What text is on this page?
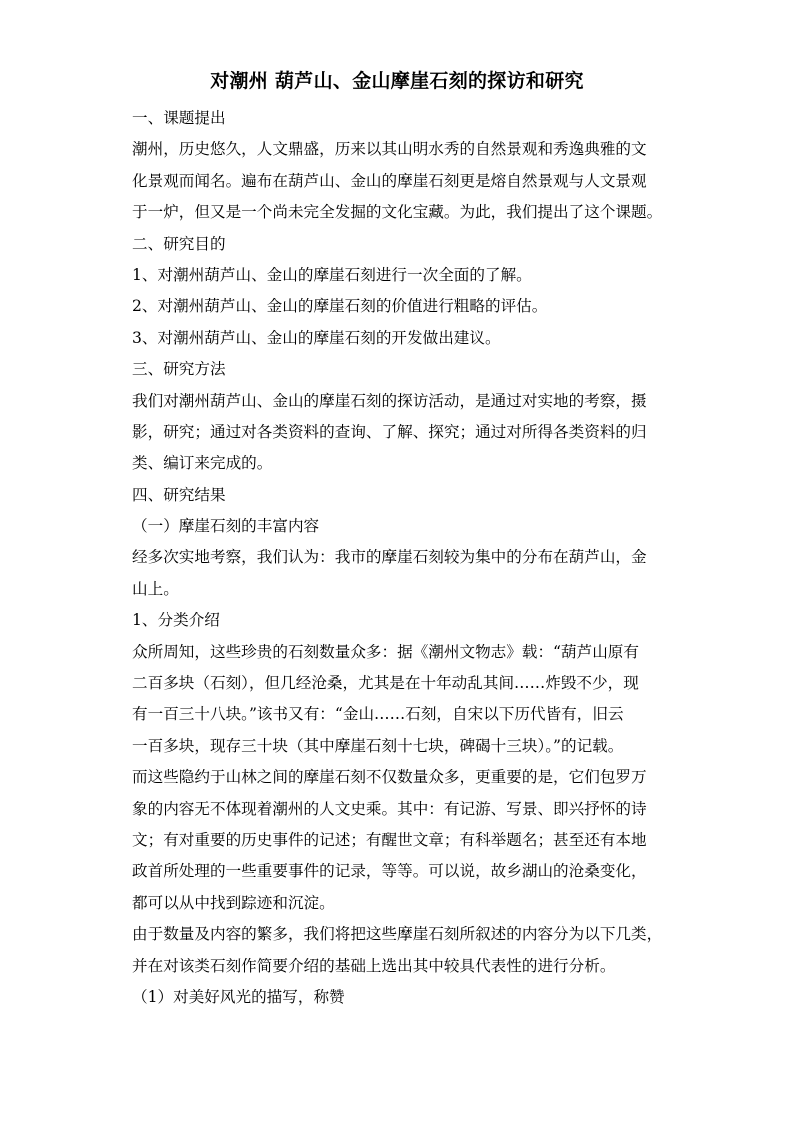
对潮州 葫芦山、金山摩崖石刻的探访和研究
一、课题提出
潮州，历史悠久，人文鼎盛，历来以其山明水秀的自然景观和秀逸典雅的文
化景观而闻名。遍布在葫芦山、金山的摩崖石刻更是熔自然景观与人文景观
于一炉，但又是一个尚未完全发掘的文化宝藏。为此，我们提出了这个课题。
二、研究目的
1、对潮州葫芦山、金山的摩崖石刻进行一次全面的了解。
2、对潮州葫芦山、金山的摩崖石刻的价值进行粗略的评估。
3、对潮州葫芦山、金山的摩崖石刻的开发做出建议。
三、研究方法
我们对潮州葫芦山、金山的摩崖石刻的探访活动，是通过对实地的考察，摄
影，研究；通过对各类资料的查询、了解、探究；通过对所得各类资料的归
类、编订来完成的。
四、研究结果
（一）摩崖石刻的丰富内容
经多次实地考察，我们认为：我市的摩崖石刻较为集中的分布在葫芦山，金
山上。
1、分类介绍
众所周知，这些珍贵的石刻数量众多：据《潮州文物志》载：“葫芦山原有
二百多块（石刻），但几经沧桑，尤其是在十年动乱其间……炸毁不少，现
有一百三十八块。”该书又有：“金山……石刻，自宋以下历代皆有，旧云
一百多块，现存三十块（其中摩崖石刻十七块，碑碣十三块）。”的记载。
而这些隐约于山林之间的摩崖石刻不仅数量众多，更重要的是，它们包罗万
象的内容无不体现着潮州的人文史乘。其中：有记游、写景、即兴抒怀的诗
文；有对重要的历史事件的记述；有醒世文章；有科举题名；甚至还有本地
政首所处理的一些重要事件的记录，等等。可以说，故乡湖山的沧桑变化，
都可以从中找到踪迹和沉淀。
由于数量及内容的繁多，我们将把这些摩崖石刻所叙述的内容分为以下几类，
并在对该类石刻作简要介绍的基础上选出其中较具代表性的进行分析。
（1）对美好风光的描写，称赞
